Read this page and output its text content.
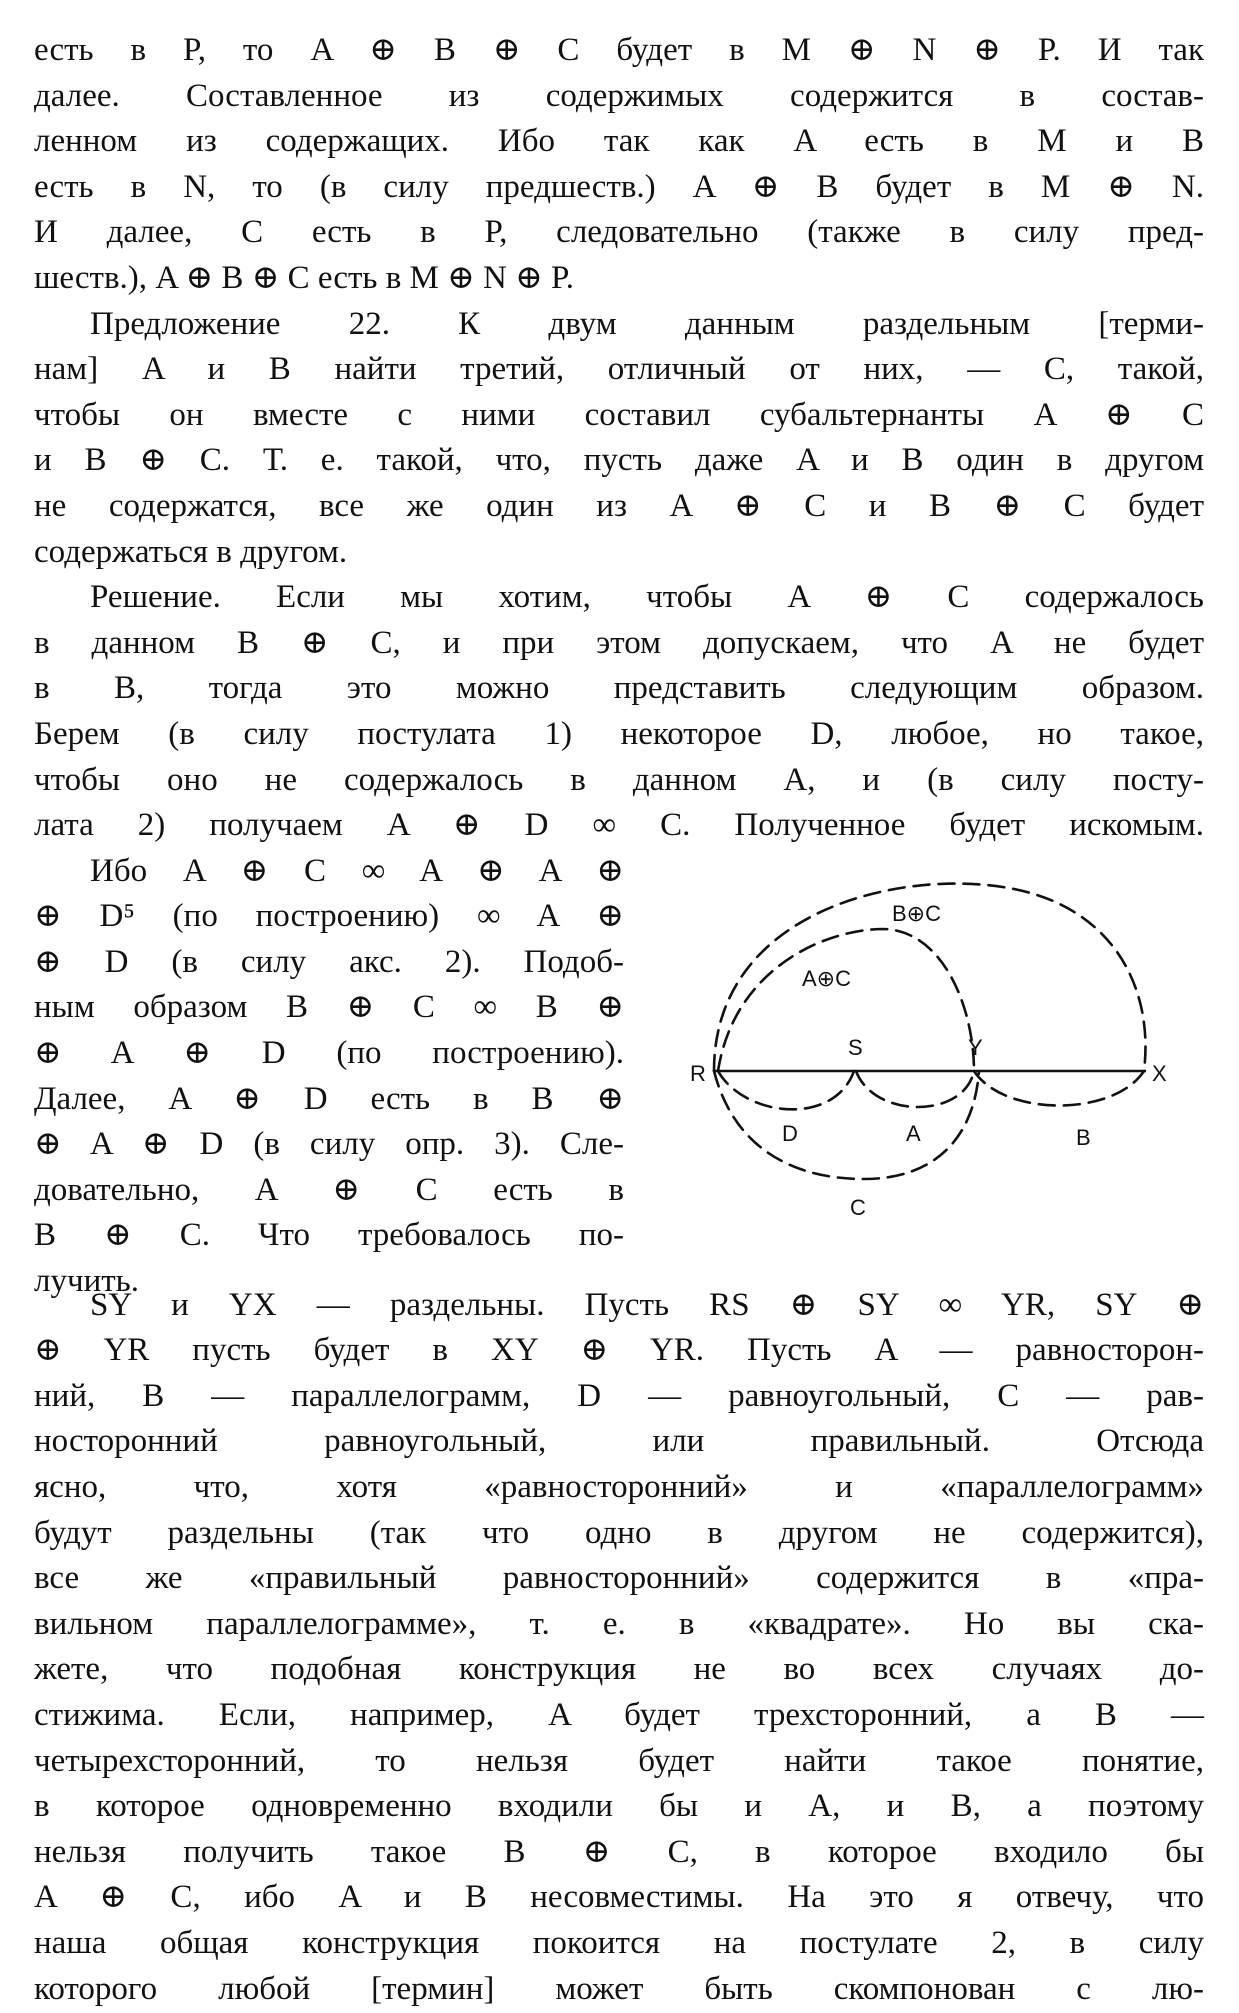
есть в P, то A ⊕ B ⊕ C будет в M ⊕ N ⊕ P. И так

далее. Составленное из содержимых содержится в состав-

ленном из содержащих. Ибо так как A есть в M и B

есть в N, то (в силу предшеств.) A ⊕ B будет в M ⊕ N.

И далее, C есть в P, следовательно (также в силу пред-

шеств.), A ⊕ B ⊕ C есть в M ⊕ N ⊕ P.

Предложение 22. К двум данным раздельным [терми-

нам] A и B найти третий, отличный от них, — C, такой,

чтобы он вместе с ними составил субальтернанты A ⊕ C

и B ⊕ C. Т. е. такой, что, пусть даже A и B один в другом

не содержатся, все же один из A ⊕ C и B ⊕ C будет

содержаться в другом.

Решение. Если мы хотим, чтобы A ⊕ C содержалось

в данном B ⊕ C, и при этом допускаем, что A не будет

в B, тогда это можно представить следующим образом.

Берем (в силу постулата 1) некоторое D, любое, но такое,

чтобы оно не содержалось в данном A, и (в силу посту-

лата 2) получаем A ⊕ D ∞ C. Полученное будет искомым.

Ибо A ⊕ C ∞ A ⊕ A ⊕

⊕ D⁵ (по построению) ∞ A ⊕

⊕ D (в силу акс. 2). Подоб-

ным образом B ⊕ C ∞ B ⊕

⊕ A ⊕ D (по построению).

Далее, A ⊕ D есть в B ⊕

⊕ A ⊕ D (в силу опр. 3). Сле-

довательно, A ⊕ C есть в

B ⊕ C. Что требовалось по-

лучить.

B⊕C
A⊕C
R
S	Y
X
D	A	B
C

SY и YX — раздельны. Пусть RS ⊕ SY ∞ YR, SY ⊕

⊕ YR пусть будет в XY ⊕ YR. Пусть A — равносторон-

ний, B — параллелограмм, D — равноугольный, C — рав-

носторонний равноугольный, или правильный. Отсюда

ясно, что, хотя «равносторонний» и «параллелограмм»

будут раздельны (так что одно в другом не содержится),

все же «правильный равносторонний» содержится в «пра-

вильном параллелограмме», т. е. в «квадрате». Но вы ска-

жете, что подобная конструкция не во всех случаях до-

стижима. Если, например, A будет трехсторонний, а B —

четырехсторонний, то нельзя будет найти такое понятие,

в которое одновременно входили бы и A, и B, а поэтому

нельзя получить такое B ⊕ C, в которое входило бы

A ⊕ C, ибо A и B несовместимы. На это я отвечу, что

наша общая конструкция покоится на постулате 2, в силу

которого любой [термин] может быть скомпонован с лю-
